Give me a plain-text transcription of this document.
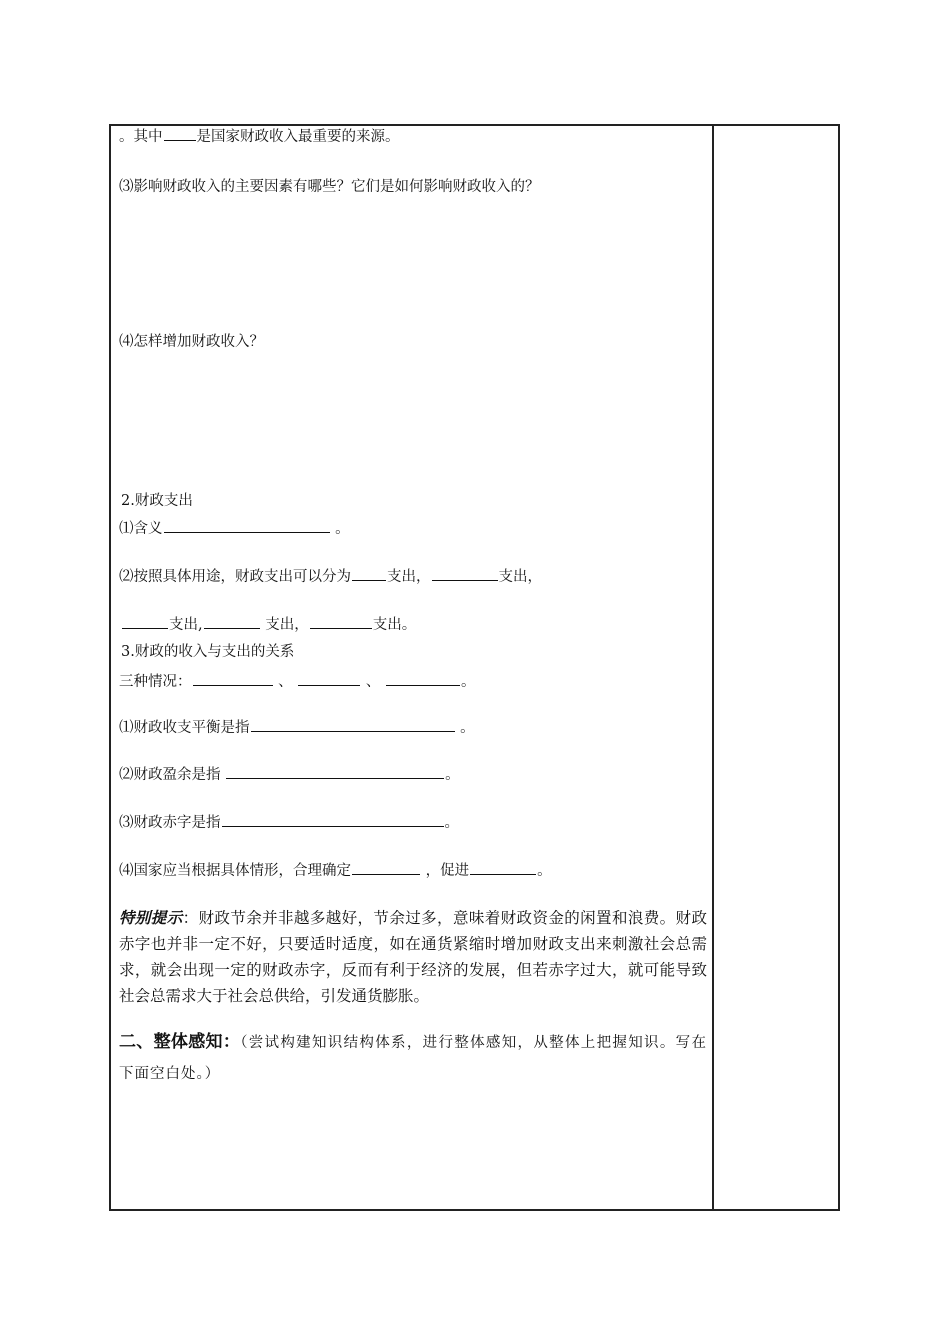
。其中 是国家财政收入最重要的来源。
⑶影响财政收入的主要因素有哪些？它们是如何影响财政收入的？
⑷怎样增加财政收入？
2.财政支出
⑴含义	。
⑵按照具体用途，财政支出可以分为 支出，	支出，
支出,	支出，	支出。
3.财政的收入与支出的关系
三种情况：	、	、	。
⑴财政收支平衡是指	。
⑵财政盈余是指	。
⑶财政赤字是指	。
⑷国家应当根据具体情形，合理确定	，促进	。
特别提示：财政节余并非越多越好，节余过多，意味着财政资金的闲置和浪费。财政赤字也并非一定不好，只要适时适度，如在通货紧缩时增加财政支出来刺激社会总需求，就会出现一定的财政赤字，反而有利于经济的发展，但若赤字过大，就可能导致社会总需求大于社会总供给，引发通货膨胀。
二、整体感知：（尝试构建知识结构体系，进行整体感知，从整体上把握知识。写在下面空白处。）
